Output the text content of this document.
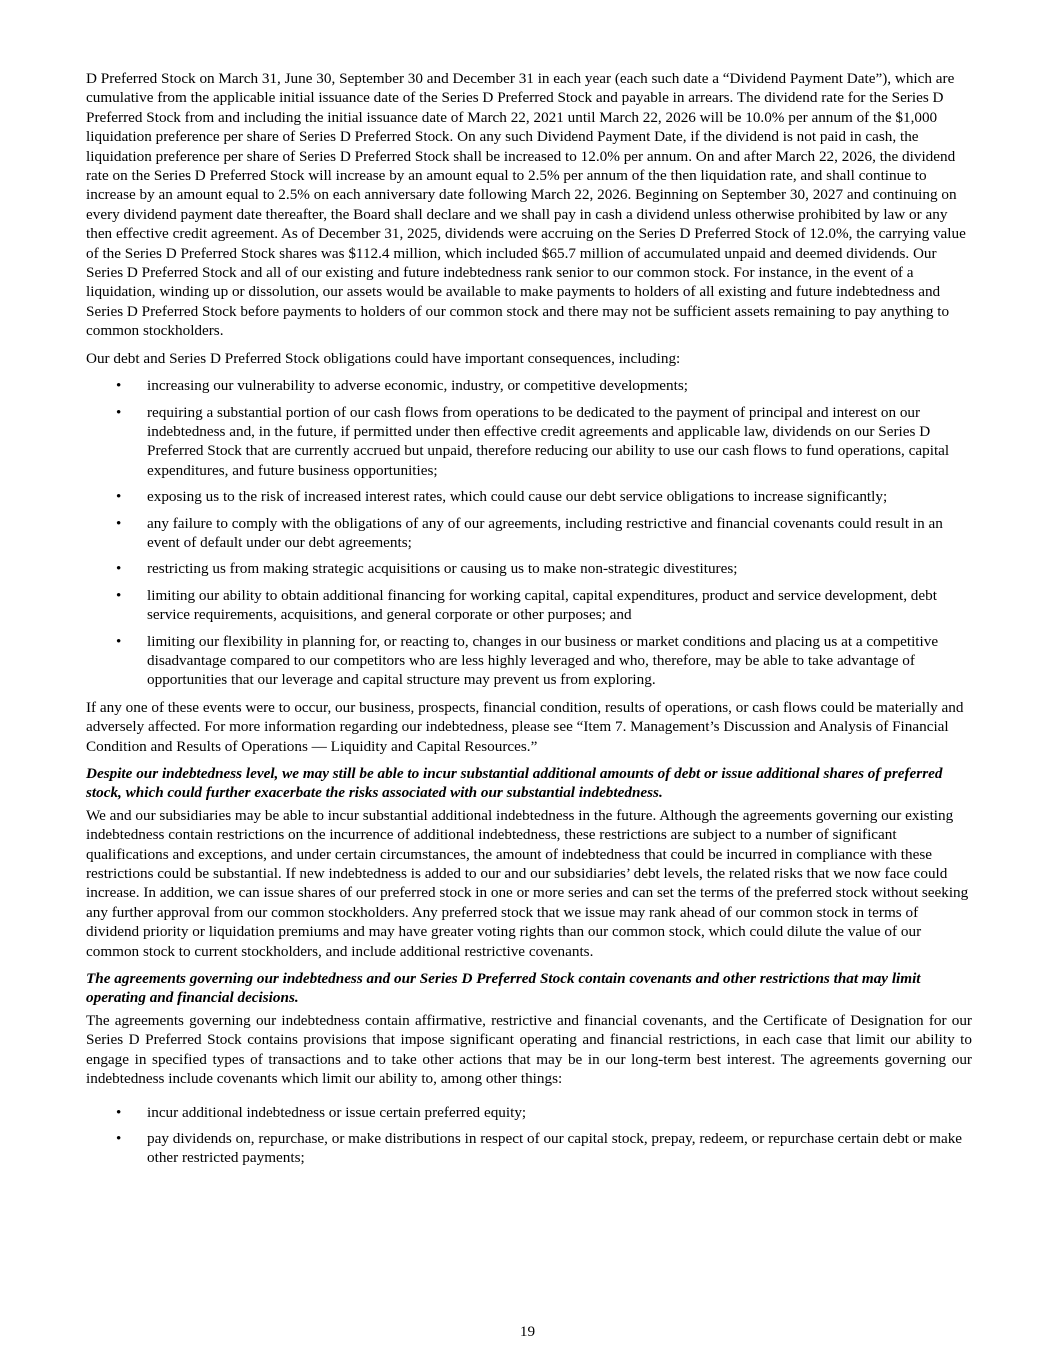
D Preferred Stock on March 31, June 30, September 30 and December 31 in each year (each such date a “Dividend Payment Date”), which are cumulative from the applicable initial issuance date of the Series D Preferred Stock and payable in arrears. The dividend rate for the Series D Preferred Stock from and including the initial issuance date of March 22, 2021 until March 22, 2026 will be 10.0% per annum of the $1,000 liquidation preference per share of Series D Preferred Stock. On any such Dividend Payment Date, if the dividend is not paid in cash, the liquidation preference per share of Series D Preferred Stock shall be increased to 12.0% per annum. On and after March 22, 2026, the dividend rate on the Series D Preferred Stock will increase by an amount equal to 2.5% per annum of the then liquidation rate, and shall continue to increase by an amount equal to 2.5% on each anniversary date following March 22, 2026. Beginning on September 30, 2027 and continuing on every dividend payment date thereafter, the Board shall declare and we shall pay in cash a dividend unless otherwise prohibited by law or any then effective credit agreement. As of December 31, 2025, dividends were accruing on the Series D Preferred Stock of 12.0%, the carrying value of the Series D Preferred Stock shares was $112.4 million, which included $65.7 million of accumulated unpaid and deemed dividends. Our Series D Preferred Stock and all of our existing and future indebtedness rank senior to our common stock. For instance, in the event of a liquidation, winding up or dissolution, our assets would be available to make payments to holders of all existing and future indebtedness and Series D Preferred Stock before payments to holders of our common stock and there may not be sufficient assets remaining to pay anything to common stockholders.

Our debt and Series D Preferred Stock obligations could have important consequences, including:

• increasing our vulnerability to adverse economic, industry, or competitive developments;
• requiring a substantial portion of our cash flows from operations to be dedicated to the payment of principal and interest on our indebtedness and, in the future, if permitted under then effective credit agreements and applicable law, dividends on our Series D Preferred Stock that are currently accrued but unpaid, therefore reducing our ability to use our cash flows to fund operations, capital expenditures, and future business opportunities;
• exposing us to the risk of increased interest rates, which could cause our debt service obligations to increase significantly;
• any failure to comply with the obligations of any of our agreements, including restrictive and financial covenants could result in an event of default under our debt agreements;
• restricting us from making strategic acquisitions or causing us to make non-strategic divestitures;
• limiting our ability to obtain additional financing for working capital, capital expenditures, product and service development, debt service requirements, acquisitions, and general corporate or other purposes; and
• limiting our flexibility in planning for, or reacting to, changes in our business or market conditions and placing us at a competitive disadvantage compared to our competitors who are less highly leveraged and who, therefore, may be able to take advantage of opportunities that our leverage and capital structure may prevent us from exploring.

If any one of these events were to occur, our business, prospects, financial condition, results of operations, or cash flows could be materially and adversely affected. For more information regarding our indebtedness, please see “Item 7. Management’s Discussion and Analysis of Financial Condition and Results of Operations — Liquidity and Capital Resources.”

Despite our indebtedness level, we may still be able to incur substantial additional amounts of debt or issue additional shares of preferred stock, which could further exacerbate the risks associated with our substantial indebtedness.

We and our subsidiaries may be able to incur substantial additional indebtedness in the future. Although the agreements governing our existing indebtedness contain restrictions on the incurrence of additional indebtedness, these restrictions are subject to a number of significant qualifications and exceptions, and under certain circumstances, the amount of indebtedness that could be incurred in compliance with these restrictions could be substantial. If new indebtedness is added to our and our subsidiaries’ debt levels, the related risks that we now face could increase. In addition, we can issue shares of our preferred stock in one or more series and can set the terms of the preferred stock without seeking any further approval from our common stockholders. Any preferred stock that we issue may rank ahead of our common stock in terms of dividend priority or liquidation premiums and may have greater voting rights than our common stock, which could dilute the value of our common stock to current stockholders, and include additional restrictive covenants.

The agreements governing our indebtedness and our Series D Preferred Stock contain covenants and other restrictions that may limit operating and financial decisions.

The agreements governing our indebtedness contain affirmative, restrictive and financial covenants, and the Certificate of Designation for our Series D Preferred Stock contains provisions that impose significant operating and financial restrictions, in each case that limit our ability to engage in specified types of transactions and to take other actions that may be in our long-term best interest. The agreements governing our indebtedness include covenants which limit our ability to, among other things:

• incur additional indebtedness or issue certain preferred equity;
• pay dividends on, repurchase, or make distributions in respect of our capital stock, prepay, redeem, or repurchase certain debt or make other restricted payments;
19
